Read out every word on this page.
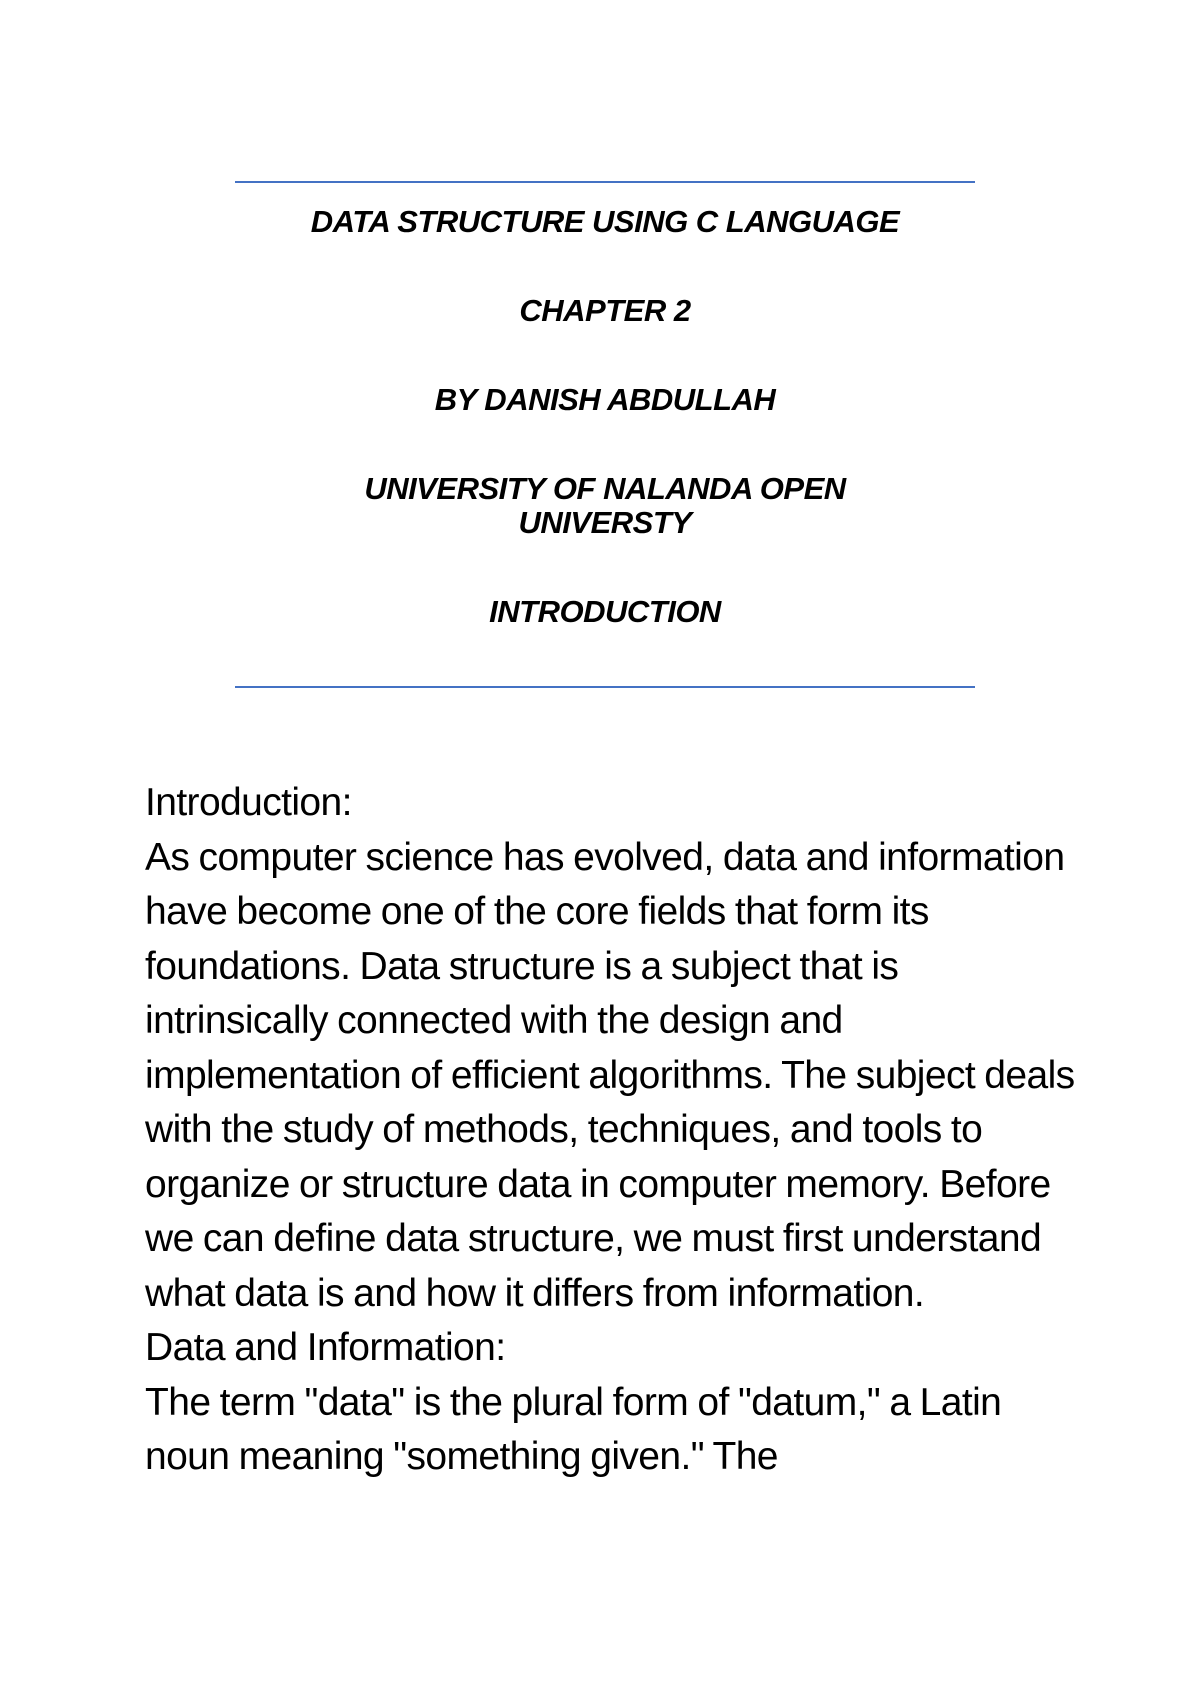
DATA STRUCTURE USING C LANGUAGE
CHAPTER 2
BY DANISH ABDULLAH
UNIVERSITY OF NALANDA OPEN
UNIVERSTY
INTRODUCTION

Introduction:

As computer science has evolved, data and information have become one of the core fields that form its foundations. Data structure is a subject that is intrinsically connected with the design and implementation of efficient algorithms. The subject deals with the study of methods, techniques, and tools to organize or structure data in computer memory. Before we can define data structure, we must first understand what data is and how it differs from information.

Data and Information:

The term "data" is the plural form of "datum," a Latin noun meaning "something given." The
